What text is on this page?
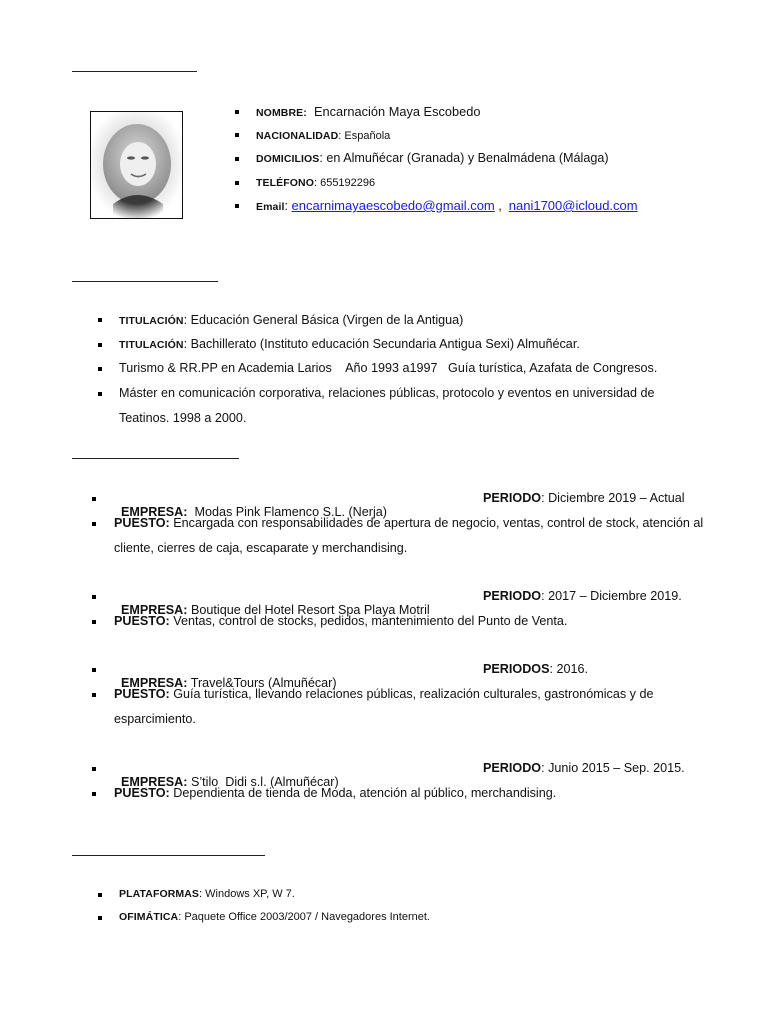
NOMBRE: Encarnación Maya Escobedo
NACIONALIDAD: Española
DOMICILIOS: en Almuñécar (Granada) y Benalmádena (Málaga)
TELÉFONO: 655192296
Email: encarnimayaescobedo@gmail.com ,  nani1700@icloud.com
TITULACIÓN: Educación General Básica (Virgen de la Antigua)
TITULACIÓN: Bachillerato (Instituto educación Secundaria Antigua Sexi) Almuñécar.
Turismo & RR.PP en Academia Larios    Año 1993 a1997   Guía turística, Azafata de Congresos.
Máster en comunicación corporativa, relaciones públicas, protocolo y eventos en universidad de
Teatinos. 1998 a 2000.

EMPRESA:  Modas Pink Flamenco S.L. (Nerja)

PERIODO: Diciembre 2019 – Actual
PUESTO: Encargada con responsabilidades de apertura de negocio, ventas, control de stock, atención al
cliente, cierres de caja, escaparate y merchandising.

EMPRESA: Boutique del Hotel Resort Spa Playa Motril

PERIODO: 2017 – Diciembre 2019.
PUESTO: Ventas, control de stocks, pedidos, mantenimiento del Punto de Venta.

EMPRESA: Travel&Tours (Almuñécar)

PERIODOS: 2016.
PUESTO: Guía turística, llevando relaciones públicas, realización culturales, gastronómicas y de
esparcimiento.

EMPRESA: S’tilo  Didi s.l. (Almuñécar)

PERIODO: Junio 2015 – Sep. 2015.
PUESTO: Dependienta de tienda de Moda, atención al público, merchandising.
PLATAFORMAS: Windows XP, W 7.
OFIMÁTICA: Paquete Office 2003/2007 / Navegadores Internet.
